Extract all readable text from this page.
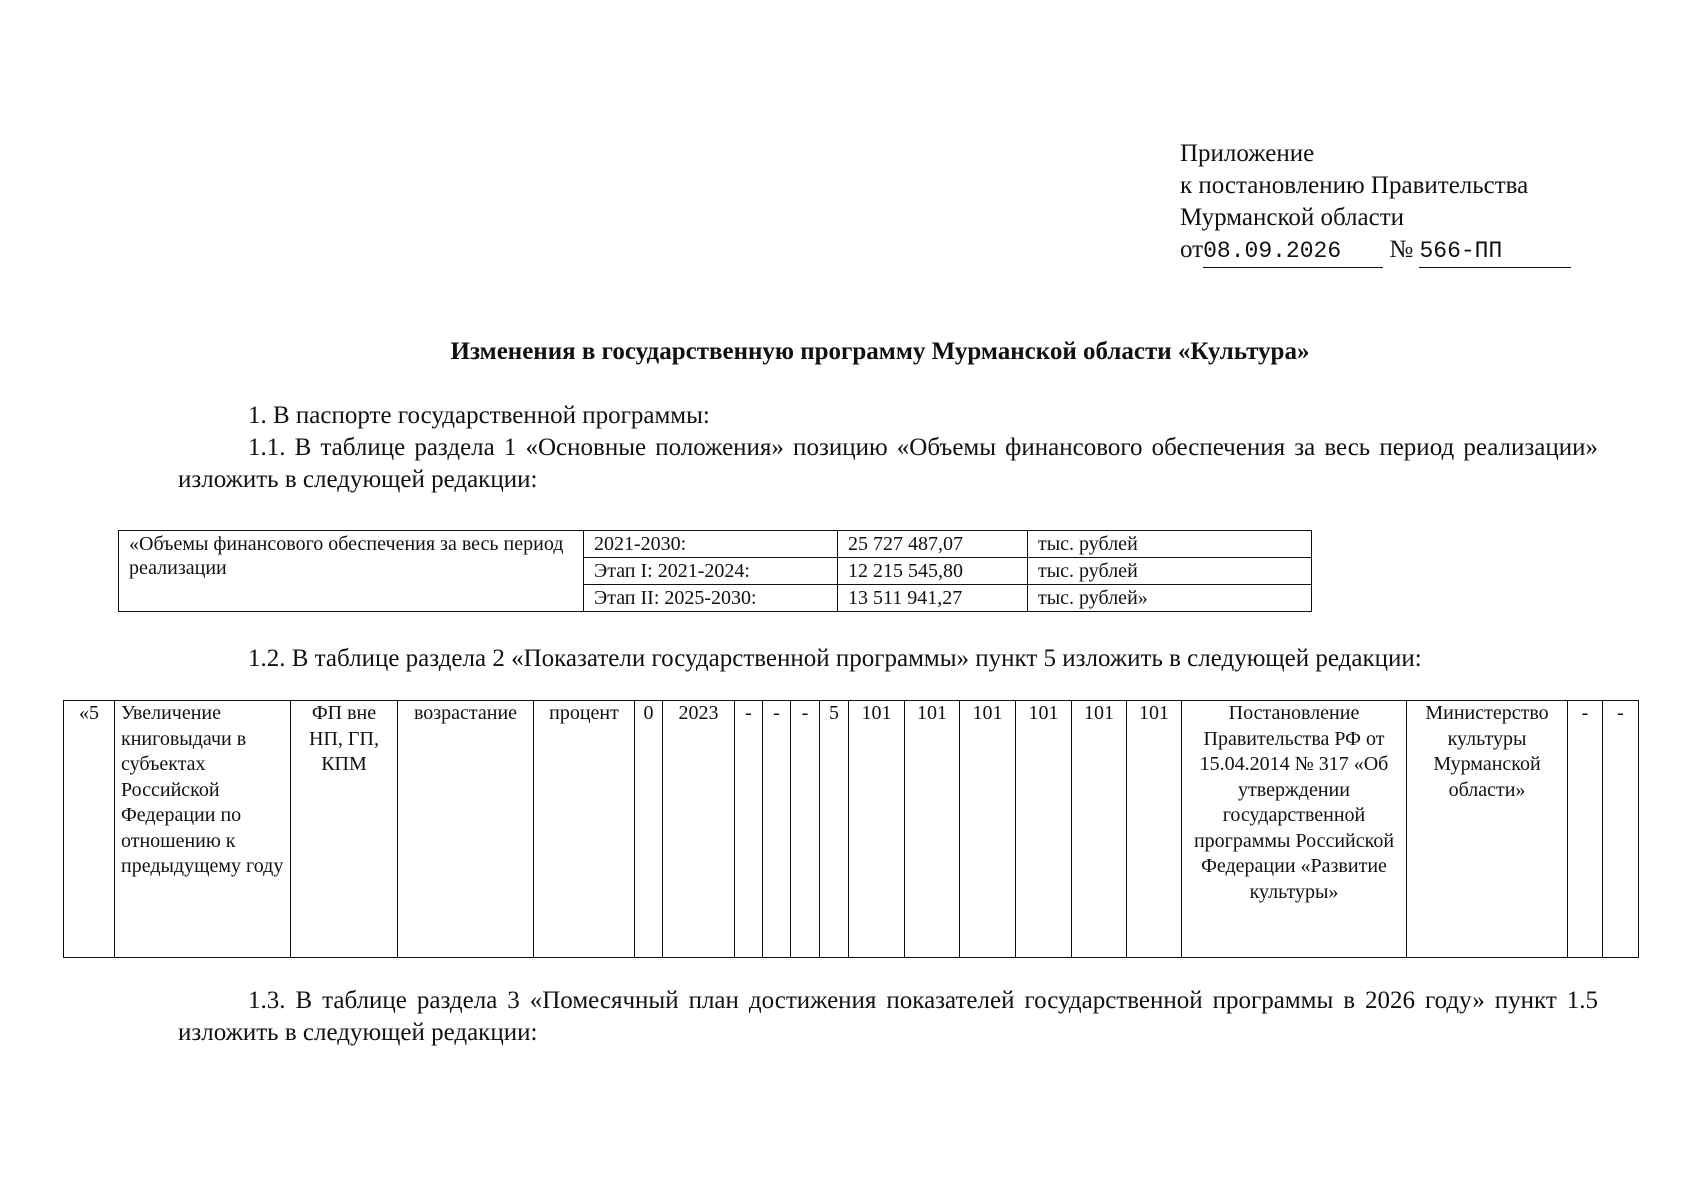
Приложение
к постановлению Правительства
Мурманской области
от08.09.2026 № 566-ПП
Изменения в государственную программу Мурманской области «Культура»
1. В паспорте государственной программы:
1.1. В таблице раздела 1 «Основные положения» позицию «Объемы финансового обеспечения за весь период реализации» изложить в следующей редакции:
«Объемы финансового обеспечения за весь период реализации	2021-2030:	25 727 487,07	тыс. рублей
	Этап I: 2021-2024:	12 215 545,80	тыс. рублей
	Этап II: 2025-2030:	13 511 941,27	тыс. рублей»
1.2. В таблице раздела 2 «Показатели государственной программы» пункт 5 изложить в следующей редакции:
«5	Увеличение книговыдачи в субъектах Российской Федерации по отношению к предыдущему году	ФП вне НП, ГП, КПМ	возрастание	процент	0	2023	-	-	-	5	101	101	101	101	101	101	Постановление Правительства РФ от 15.04.2014 № 317 «Об утверждении государственной программы Российской Федерации «Развитие культуры»	Министерство культуры Мурманской области»	-	-
1.3. В таблице раздела 3 «Помесячный план достижения показателей государственной программы в 2026 году» пункт 1.5 изложить в следующей редакции:
